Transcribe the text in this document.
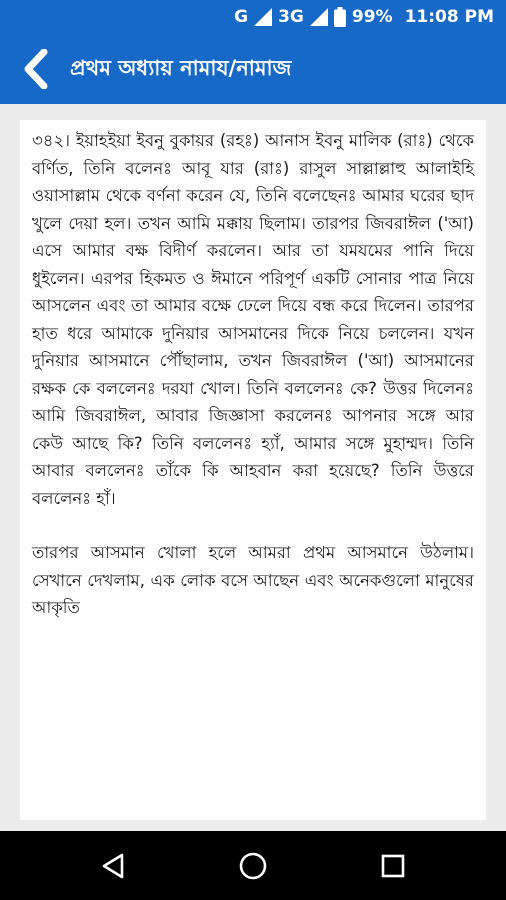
G 3G	99% 11:08 PM
প্রথম অধ্যায় নামায/নামাজ

৩৪২। ইয়াহইয়া ইবনু বুকায়র (রহঃ) আনাস ইবনু মালিক (রাঃ) থেকে বর্ণিত, তিনি বলেনঃ আবূ যার (রাঃ) রাসুল সাল্লাল্লাহু আলাইহি ওয়াসাল্লাম থেকে বর্ণনা করেন যে, তিনি বলেছেনঃ আমার ঘরের ছাদ খুলে দেয়া হল। তখন আমি মক্কায় ছিলাম। তারপর জিবরাঈল ('আ) এসে আমার বক্ষ বিদীর্ণ করলেন। আর তা যমযমের পানি দিয়ে ধুইলেন। এরপর হিকমত ও ঈমানে পরিপূর্ণ একটি সোনার পাত্র নিয়ে আসলেন এবং তা আমার বক্ষে ঢেলে দিয়ে বন্ধ করে দিলেন। তারপর হাত ধরে আমাকে দুনিয়ার আসমানের দিকে নিয়ে চললেন। যখন দুনিয়ার আসমানে পৌঁছালাম, তখন জিবরাঈল ('আ) আসমানের রক্ষক কে বললেনঃ দরযা খোল। তিনি বললেনঃ কে? উত্তর দিলেনঃ আমি জিবরাঈল, আবার জিজ্ঞাসা করলেনঃ আপনার সঙ্গে আর কেউ আছে কি? তিনি বললেনঃ হ্যাঁ, আমার সঙ্গে মুহাম্মদ। তিনি আবার বললেনঃ তাঁকে কি আহবান করা হয়েছে? তিনি উত্তরে বললেনঃ হাঁ।

তারপর আসমান খোলা হলে আমরা প্রথম আসমানে উঠলাম। সেখানে দেখলাম, এক লোক বসে আছেন এবং অনেকগুলো মানুষের আকৃতি
